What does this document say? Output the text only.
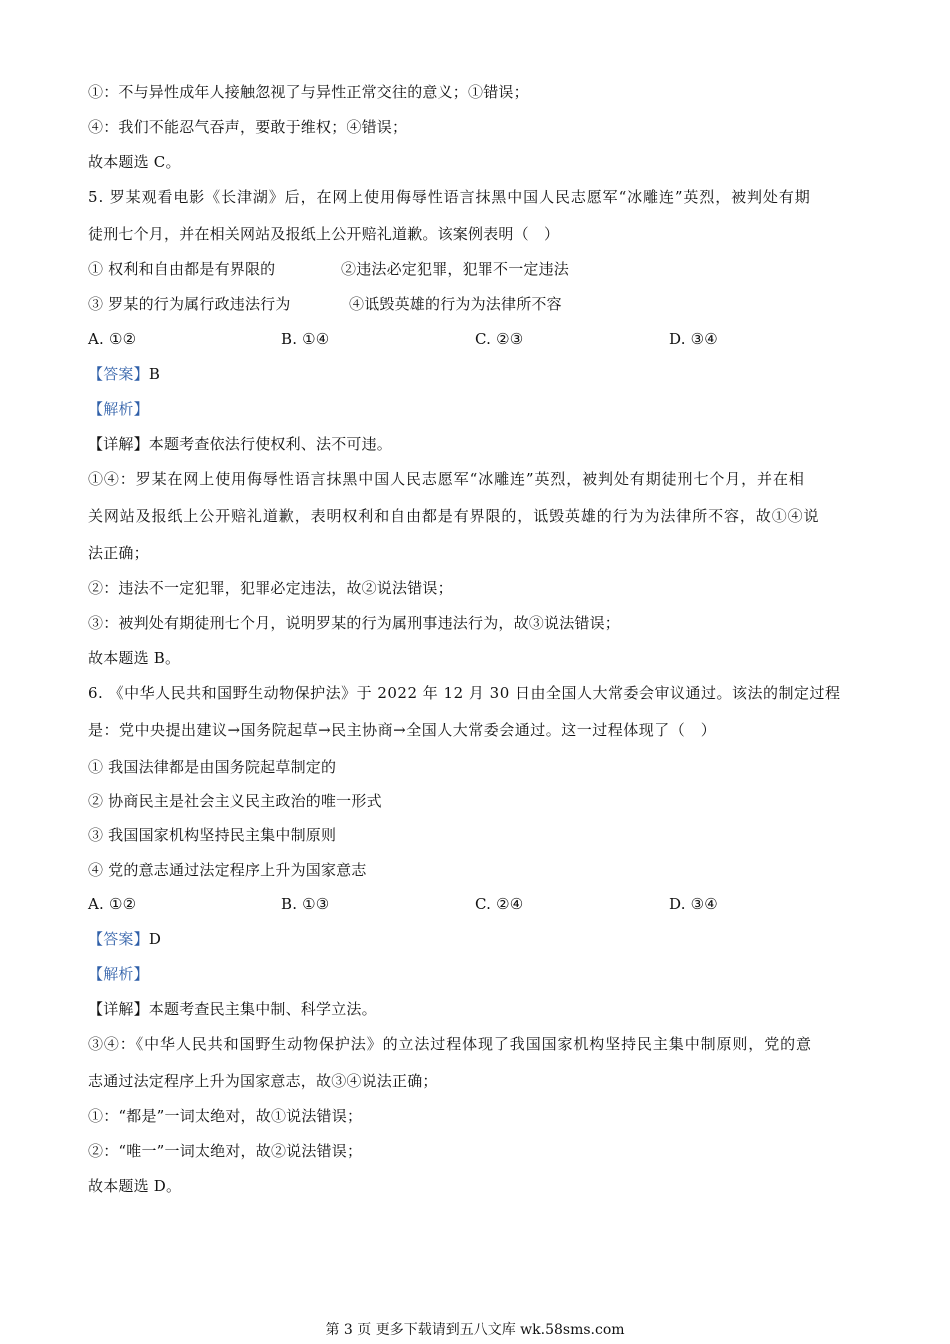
①：不与异性成年人接触忽视了与异性正常交往的意义；①错误；
④：我们不能忍气吞声，要敢于维权；④错误；
故本题选 C。
5. 罗某观看电影《长津湖》后，在网上使用侮辱性语言抹黑中国人民志愿军“冰雕连”英烈，被判处有期
徒刑七个月，并在相关网站及报纸上公开赔礼道歉。该案例表明（　）
① 权利和自由都是有界限的	②违法必定犯罪，犯罪不一定违法
③ 罗某的行为属行政违法行为	④诋毁英雄的行为为法律所不容
A. ①②	B. ①④	C. ②③	D. ③④
【答案】B
【解析】
【详解】本题考查依法行使权利、法不可违。
①④：罗某在网上使用侮辱性语言抹黑中国人民志愿军“冰雕连”英烈，被判处有期徒刑七个月，并在相
关网站及报纸上公开赔礼道歉，表明权利和自由都是有界限的，诋毁英雄的行为为法律所不容，故①④说
法正确；
②：违法不一定犯罪，犯罪必定违法，故②说法错误；
③：被判处有期徒刑七个月，说明罗某的行为属刑事违法行为，故③说法错误；
故本题选 B。
6. 《中华人民共和国野生动物保护法》于 2022 年 12 月 30 日由全国人大常委会审议通过。该法的制定过程
是：党中央提出建议→国务院起草→民主协商→全国人大常委会通过。这一过程体现了（　）
① 我国法律都是由国务院起草制定的
② 协商民主是社会主义民主政治的唯一形式
③ 我国国家机构坚持民主集中制原则
④ 党的意志通过法定程序上升为国家意志
A. ①②	B. ①③	C. ②④	D. ③④
【答案】D
【解析】
【详解】本题考查民主集中制、科学立法。
③④：《中华人民共和国野生动物保护法》的立法过程体现了我国国家机构坚持民主集中制原则，党的意
志通过法定程序上升为国家意志，故③④说法正确；
①：“都是”一词太绝对，故①说法错误；
②：“唯一”一词太绝对，故②说法错误；
故本题选 D。
第 3 页 更多下载请到五八文库 wk.58sms.com
